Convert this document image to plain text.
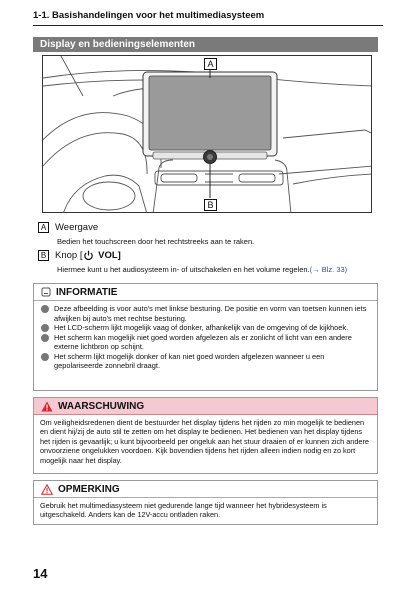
1-1. Basishandelingen voor het multimediasysteem
Display en bedieningselementen
A
B
A Weergave
Bedien het touchscreen door het rechtstreeks aan te raken.
B Knop [ VOL]
Hiermee kunt u het audiosysteem in- of uitschakelen en het volume regelen.(→ Blz. 33)
INFORMATIE
Deze afbeelding is voor auto's met linkse besturing. De positie en vorm van toetsen kunnen iets afwijken bij auto's met rechtse besturing.
Het LCD-scherm lijkt mogelijk vaag of donker, afhankelijk van de omgeving of de kijkhoek.
Het scherm kan mogelijk niet goed worden afgelezen als er zonlicht of licht van een andere externe lichtbron op schijnt.
Het scherm lijkt mogelijk donker of kan niet goed worden afgelezen wanneer u een gepolariseerde zonnebril draagt.
WAARSCHUWING
Om veiligheidsredenen dient de bestuurder het display tijdens het rijden zo min mogelijk te bedienen en dient hij/zij de auto stil te zetten om het display te bedienen. Het bedienen van het display tijdens het rijden is gevaarlijk; u kunt bijvoorbeeld per ongeluk aan het stuur draaien of er kunnen zich andere onvoorziene ongelukken voordoen. Kijk bovendien tijdens het rijden alleen indien nodig en zo kort mogelijk naar het display.
OPMERKING
Gebruik het multimediasysteem niet gedurende lange tijd wanneer het hybridesysteem is uitgeschakeld. Anders kan de 12V-accu ontladen raken.
14
